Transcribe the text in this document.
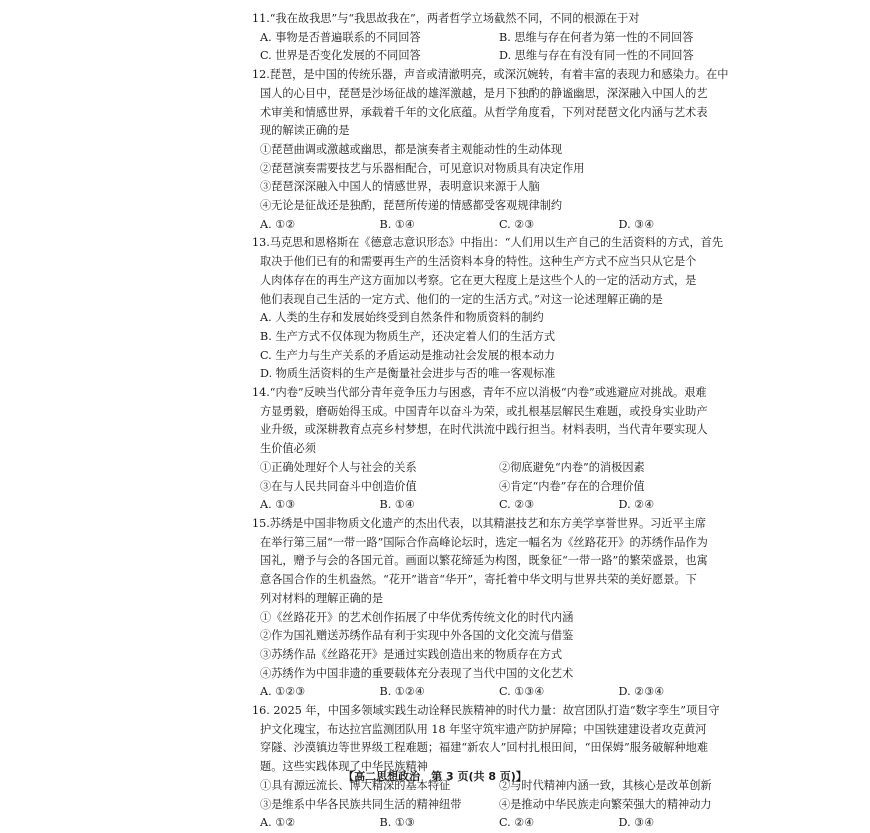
11.“我在故我思”与“我思故我在”，两者哲学立场截然不同，不同的根源在于对
A. 事物是否普遍联系的不同回答	B. 思维与存在何者为第一性的不同回答
C. 世界是否变化发展的不同回答	D. 思维与存在有没有同一性的不同回答
12.琵琶，是中国的传统乐器，声音或清澈明亮，或深沉婉转，有着丰富的表现力和感染力。在中
国人的心目中，琵琶是沙场征战的雄浑激越，是月下独酌的静谧幽思，深深融入中国人的艺
术审美和情感世界，承载着千年的文化底蕴。从哲学角度看，下列对琵琶文化内涵与艺术表
现的解读正确的是
①琵琶曲调或激越或幽思，都是演奏者主观能动性的生动体现
②琵琶演奏需要技艺与乐器相配合，可见意识对物质具有决定作用
③琵琶深深融入中国人的情感世界，表明意识来源于人脑
④无论是征战还是独酌，琵琶所传递的情感都受客观规律制约
A. ①②	B. ①④	C. ②③	D. ③④
13.马克思和恩格斯在《德意志意识形态》中指出：“人们用以生产自己的生活资料的方式，首先
取决于他们已有的和需要再生产的生活资料本身的特性。这种生产方式不应当只从它是个
人肉体存在的再生产这方面加以考察。它在更大程度上是这些个人的一定的活动方式，是
他们表现自己生活的一定方式、他们的一定的生活方式。”对这一论述理解正确的是
A. 人类的生存和发展始终受到自然条件和物质资料的制约
B. 生产方式不仅体现为物质生产，还决定着人们的生活方式
C. 生产力与生产关系的矛盾运动是推动社会发展的根本动力
D. 物质生活资料的生产是衡量社会进步与否的唯一客观标准
14.“内卷”反映当代部分青年竞争压力与困惑，青年不应以消极“内卷”或逃避应对挑战。艰难
方显勇毅，磨砺始得玉成。中国青年以奋斗为荣，或扎根基层解民生难题，或投身实业助产
业升级，或深耕教育点亮乡村梦想，在时代洪流中践行担当。材料表明，当代青年要实现人
生价值必须
①正确处理好个人与社会的关系	②彻底避免“内卷”的消极因素
③在与人民共同奋斗中创造价值	④肯定“内卷”存在的合理价值
A. ①③	B. ①④	C. ②③	D. ②④
15.苏绣是中国非物质文化遗产的杰出代表，以其精湛技艺和东方美学享誉世界。习近平主席
在举行第三届“一带一路”国际合作高峰论坛时，选定一幅名为《丝路花开》的苏绣作品作为
国礼，赠予与会的各国元首。画面以繁花缔延为构图，既象征“一带一路”的繁荣盛景，也寓
意各国合作的生机盎然。“花开”谐音“华开”，寄托着中华文明与世界共荣的美好愿景。下
列对材料的理解正确的是
①《丝路花开》的艺术创作拓展了中华优秀传统文化的时代内涵
②作为国礼赠送苏绣作品有利于实现中外各国的文化交流与借鉴
③苏绣作品《丝路花开》是通过实践创造出来的物质存在方式
④苏绣作为中国非遗的重要载体充分表现了当代中国的文化艺术
A. ①②③	B. ①②④	C. ①③④	D. ②③④
16. 2025 年，中国多领域实践生动诠释民族精神的时代力量：故宫团队打造“数字孪生”项目守
护文化瑰宝，布达拉宫监测团队用 18 年坚守筑牢遗产防护屏障；中国铁建建设者攻克黄河
穿隧、沙漠镇边等世界级工程难题；福建“新农人”回村扎根田间，“田保姆”服务破解种地难
题。这些实践体现了中华民族精神
①具有源远流长、博大精深的基本特征	②与时代精神内涵一致，其核心是改革创新
③是维系中华各民族共同生活的精神纽带	④是推动中华民族走向繁荣强大的精神动力
A. ①②	B. ①③	C. ②④	D. ③④
【高二思想政治　第 3 页(共 8 页)】
